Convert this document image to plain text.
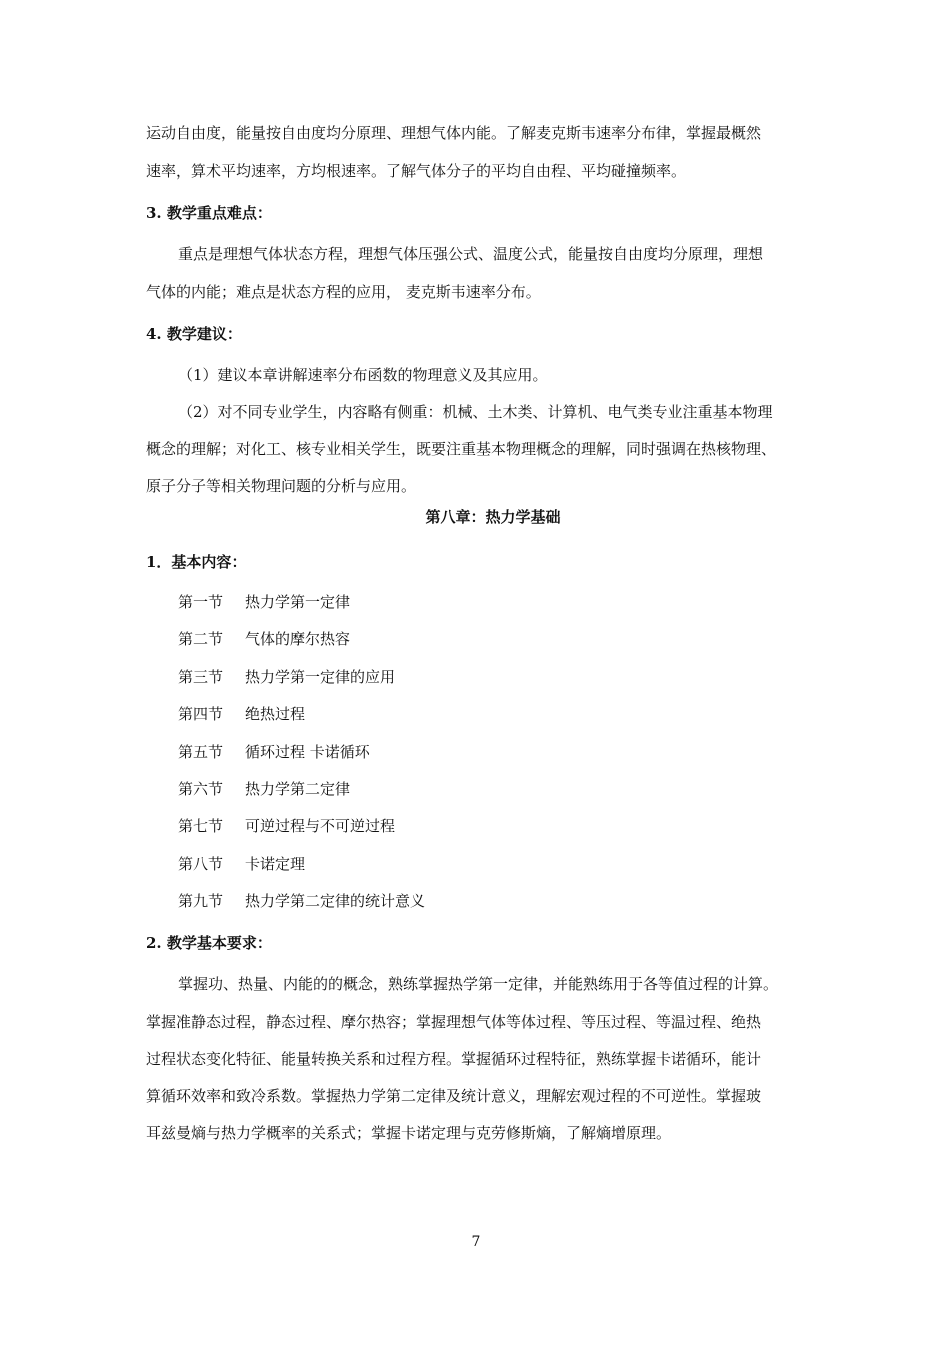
运动自由度，能量按自由度均分原理、理想气体内能。了解麦克斯韦速率分布律，掌握最概然
速率，算术平均速率，方均根速率。了解气体分子的平均自由程、平均碰撞频率。
3. 教学重点难点：
重点是理想气体状态方程，理想气体压强公式、温度公式，能量按自由度均分原理，理想
气体的内能；难点是状态方程的应用， 麦克斯韦速率分布。
4. 教学建议：
（1）建议本章讲解速率分布函数的物理意义及其应用。
（2）对不同专业学生，内容略有侧重：机械、土木类、计算机、电气类专业注重基本物理
概念的理解；对化工、核专业相关学生，既要注重基本物理概念的理解，同时强调在热核物理、
原子分子等相关物理问题的分析与应用。
第八章：热力学基础
1．基本内容：
第一节 热力学第一定律
第二节 气体的摩尔热容
第三节 热力学第一定律的应用
第四节 绝热过程
第五节 循环过程 卡诺循环
第六节 热力学第二定律
第七节 可逆过程与不可逆过程
第八节 卡诺定理
第九节 热力学第二定律的统计意义
2. 教学基本要求：
掌握功、热量、内能的的概念，熟练掌握热学第一定律，并能熟练用于各等值过程的计算。
掌握准静态过程，静态过程、摩尔热容；掌握理想气体等体过程、等压过程、等温过程、绝热
过程状态变化特征、能量转换关系和过程方程。掌握循环过程特征，熟练掌握卡诺循环，能计
算循环效率和致冷系数。掌握热力学第二定律及统计意义，理解宏观过程的不可逆性。掌握玻
耳兹曼熵与热力学概率的关系式；掌握卡诺定理与克劳修斯熵，了解熵增原理。
7
